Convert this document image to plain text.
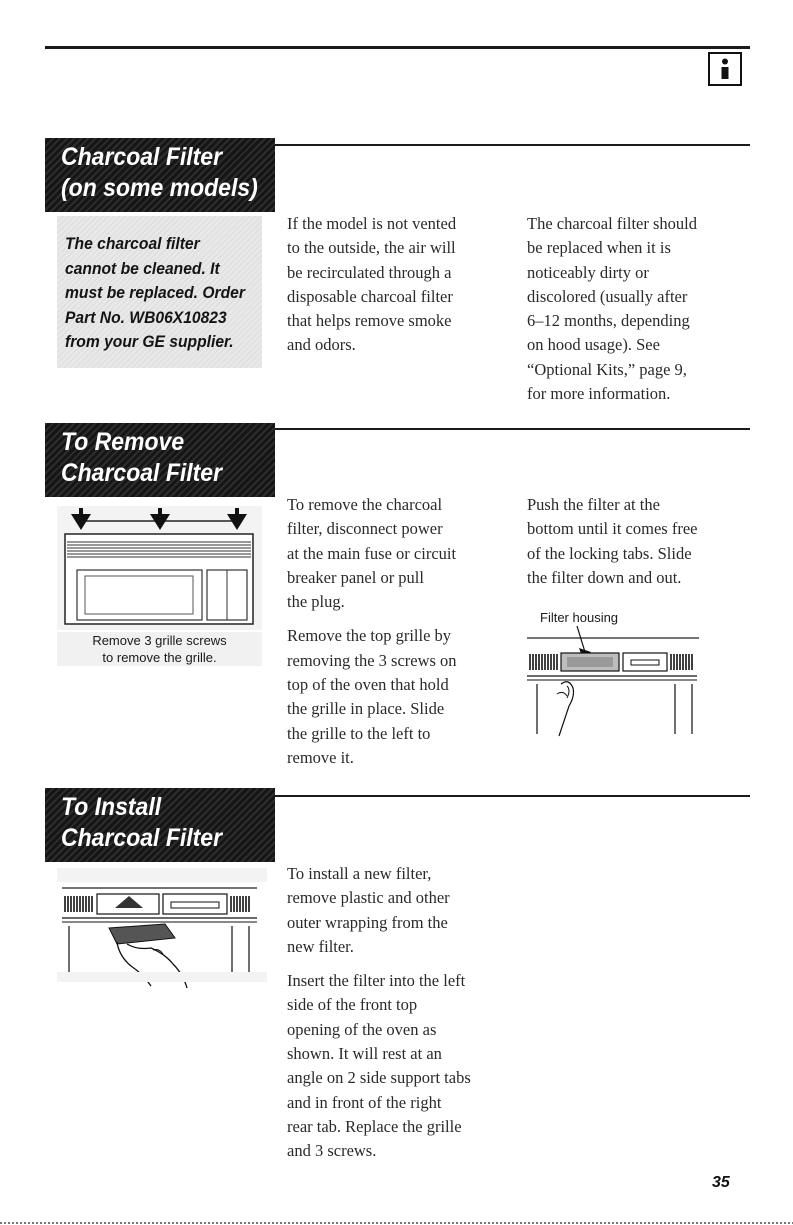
Charcoal Filter
(on some models)
The charcoal filter
cannot be cleaned. It
must be replaced. Order
Part No. WB06X10823
from your GE supplier.

If the model is not vented

to the outside, the air will

be recirculated through a

disposable charcoal filter

that helps remove smoke

and odors.

The charcoal filter should

be replaced when it is

noticeably dirty or

discolored (usually after

6–12 months, depending

on hood usage). See

“Optional Kits,” page 9,

for more information.

To Remove
Charcoal Filter
Remove 3 grille screws
to remove the grille.

To remove the charcoal

filter, disconnect power

at the main fuse or circuit

breaker panel or pull

the plug.

Remove the top grille by

removing the 3 screws on

top of the oven that hold

the grille in place. Slide

the grille to the left to

remove it.

Push the filter at the

bottom until it comes free

of the locking tabs. Slide

the filter down and out.

Filter housing
To Install
Charcoal Filter

To install a new filter,

remove plastic and other

outer wrapping from the

new filter.

Insert the filter into the left

side of the front top

opening of the oven as

shown. It will rest at an

angle on 2 side support tabs

and in front of the right

rear tab. Replace the grille

and 3 screws.

35
